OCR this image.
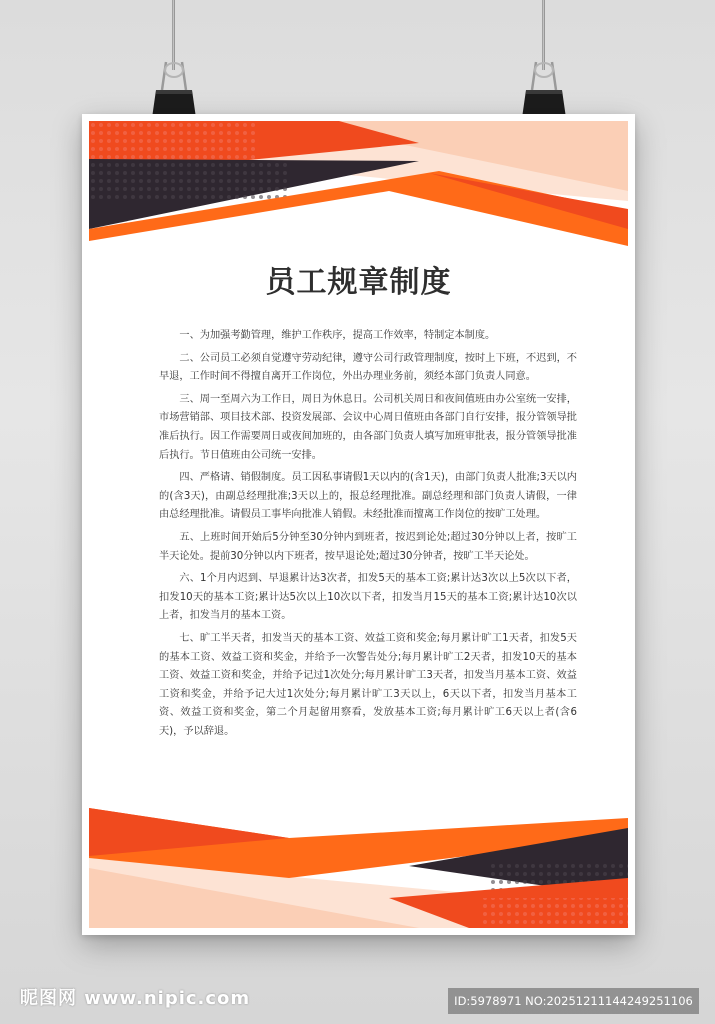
员工规章制度

一、为加强考勤管理，维护工作秩序，提高工作效率，特制定本制度。

二、公司员工必须自觉遵守劳动纪律，遵守公司行政管理制度，按时上下班，不迟到，不早退，工作时间不得擅自离开工作岗位，外出办理业务前，须经本部门负责人同意。

三、周一至周六为工作日，周日为休息日。公司机关周日和夜间值班由办公室统一安排，市场营销部、项目技术部、投资发展部、会议中心周日值班由各部门自行安排，报分管领导批准后执行。因工作需要周日或夜间加班的，由各部门负责人填写加班审批表，报分管领导批准后执行。节日值班由公司统一安排。

四、严格请、销假制度。员工因私事请假1天以内的(含1天)，由部门负责人批准;3天以内的(含3天)，由副总经理批准;3天以上的，报总经理批准。副总经理和部门负责人请假，一律由总经理批准。请假员工事毕向批准人销假。未经批准而擅离工作岗位的按旷工处理。

五、上班时间开始后5分钟至30分钟内到班者，按迟到论处;超过30分钟以上者，按旷工半天论处。提前30分钟以内下班者，按早退论处;超过30分钟者，按旷工半天论处。

六、1个月内迟到、早退累计达3次者，扣发5天的基本工资;累计达3次以上5次以下者，扣发10天的基本工资;累计达5次以上10次以下者，扣发当月15天的基本工资;累计达10次以上者，扣发当月的基本工资。

七、旷工半天者，扣发当天的基本工资、效益工资和奖金;每月累计旷工1天者，扣发5天的基本工资、效益工资和奖金，并给予一次警告处分;每月累计旷工2天者，扣发10天的基本工资、效益工资和奖金，并给予记过1次处分;每月累计旷工3天者，扣发当月基本工资、效益工资和奖金，并给予记大过1次处分;每月累计旷工3天以上，6天以下者，扣发当月基本工资、效益工资和奖金，第二个月起留用察看，发放基本工资;每月累计旷工6天以上者(含6天)，予以辞退。

昵图网 www.nipic.com	ID:5978971 NO:20251211144249251106
